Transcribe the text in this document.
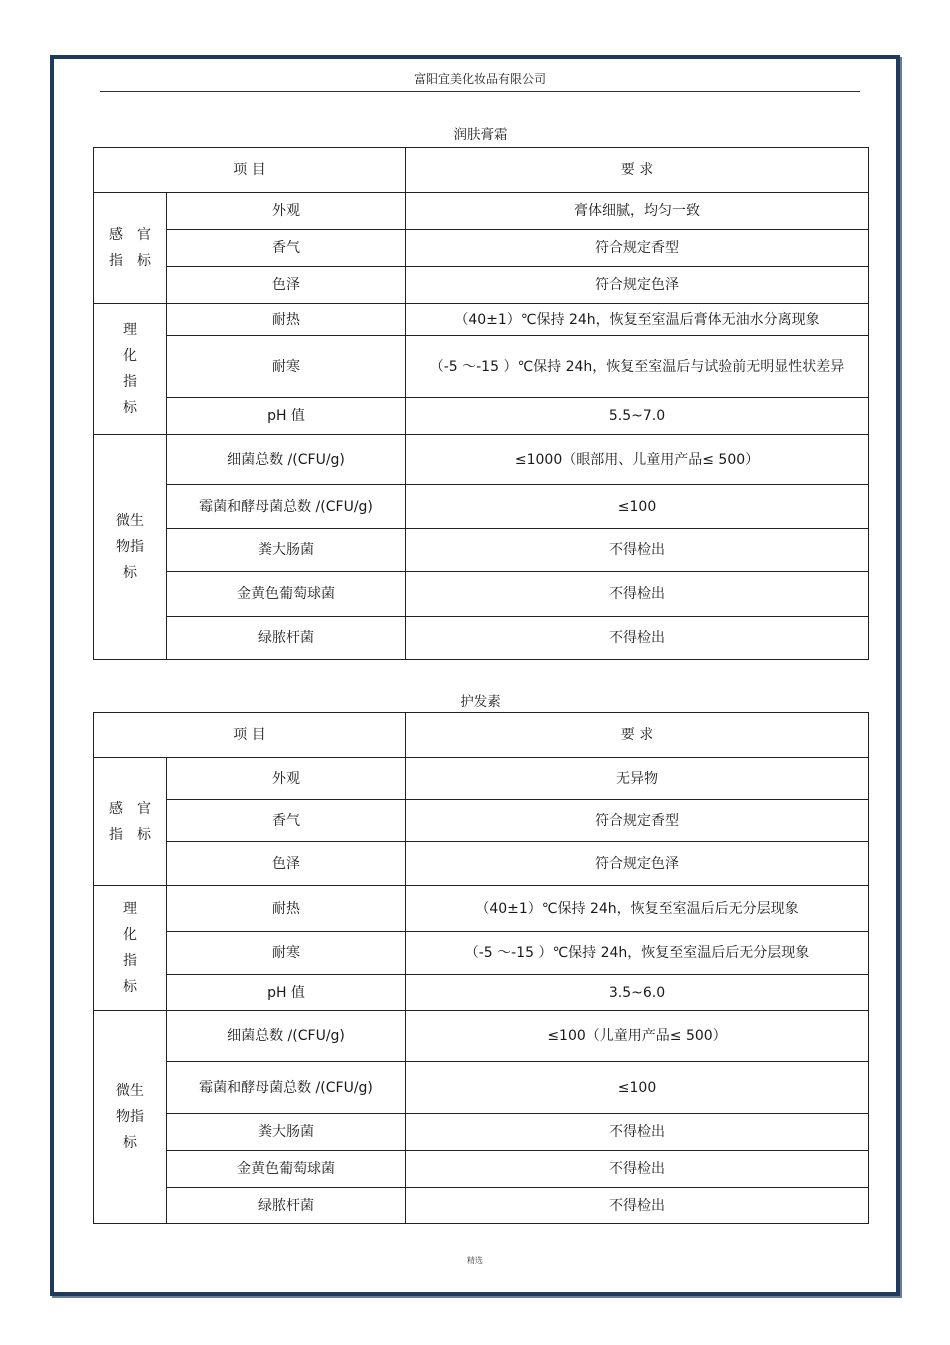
富阳宜美化妆品有限公司
润肤膏霜
项 目		要 求

感　官
指　标	外观	膏体细腻，均匀一致
	香气	符合规定香型
	色泽	符合规定色泽

理
化
指
标	耐热	（40±1）℃保持 24h，恢复至室温后膏体无油水分离现象
	耐寒	（-5 ～-15 ）℃保持 24h，恢复至室温后与试验前无明显性状差异
	pH 值	5.5~7.0

微生
物指
标	细菌总数 /(CFU/g)	≤1000（眼部用、儿童用产品≤ 500）
	霉菌和酵母菌总数 /(CFU/g)	≤100
	粪大肠菌	不得检出
	金黄色葡萄球菌	不得检出
	绿脓杆菌	不得检出
护发素
项 目		要 求

感　官
指　标	外观	无异物
	香气	符合规定香型
	色泽	符合规定色泽

理
化
指
标	耐热	（40±1）℃保持 24h，恢复至室温后后无分层现象
	耐寒	（-5 ～-15 ）℃保持 24h，恢复至室温后后无分层现象
	pH 值	3.5~6.0

微生
物指
标	细菌总数 /(CFU/g)	≤100（儿童用产品≤ 500）
	霉菌和酵母菌总数 /(CFU/g)	≤100
	粪大肠菌	不得检出
	金黄色葡萄球菌	不得检出
	绿脓杆菌	不得检出
精选
